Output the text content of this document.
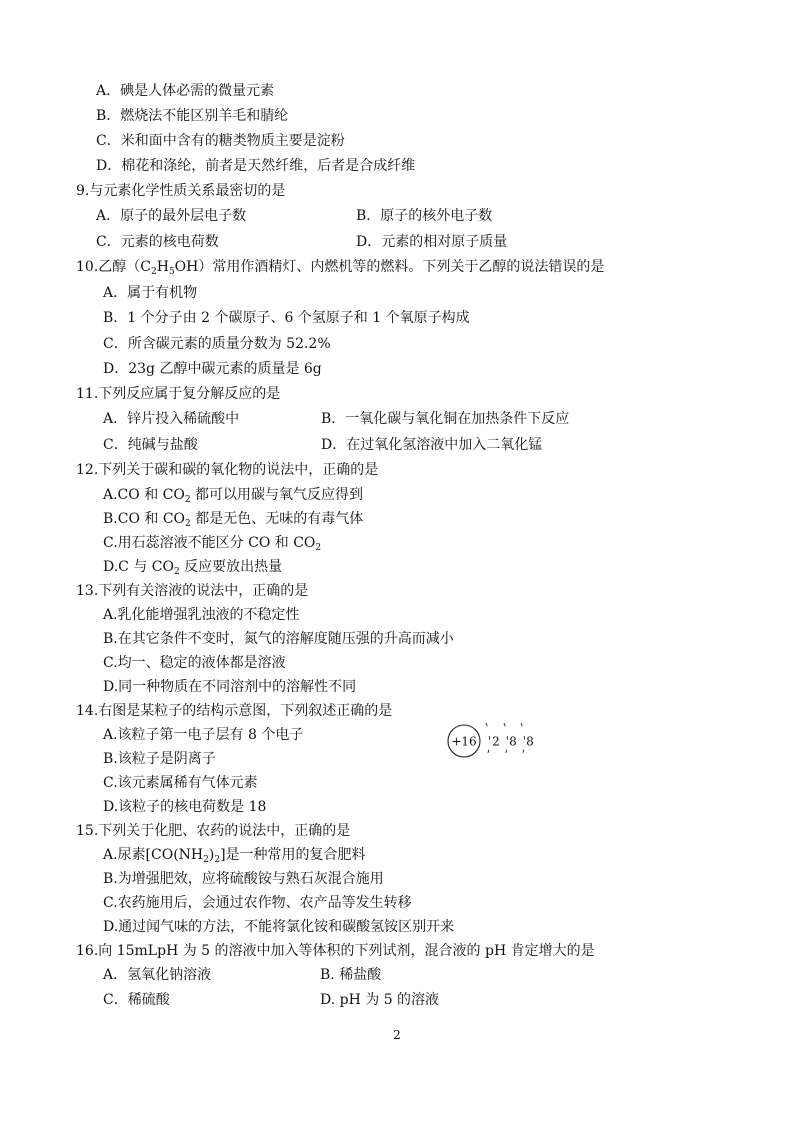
A．碘是人体必需的微量元素
B．燃烧法不能区别羊毛和腈纶
C．米和面中含有的糖类物质主要是淀粉
D．棉花和涤纶，前者是天然纤维，后者是合成纤维
9.与元素化学性质关系最密切的是
A．原子的最外层电子数	B．原子的核外电子数
C．元素的核电荷数	D．元素的相对原子质量
10.乙醇$(C_2H_5OH)$常用作酒精灯、内燃机等的燃料。下列关于乙醇的说法错误的是
A．属于有机物
B．1 个分子由 2 个碳原子、6 个氢原子和 1 个氧原子构成
C．所含碳元素的质量分数为 52.2%
D．23g 乙醇中碳元素的质量是 6g
11.下列反应属于复分解反应的是
A．锌片投入稀硫酸中	B．一氧化碳与氧化铜在加热条件下反应
C．纯碱与盐酸	D．在过氧化氢溶液中加入二氧化锰
12.下列关于碳和碳的氧化物的说法中，正确的是
A.CO 和 $CO_2$ 都可以用碳与氧气反应得到
B.CO 和 $CO_2$ 都是无色、无味的有毒气体
C.用石蕊溶液不能区分 CO 和 $CO_2$
D.C 与 $CO_2$ 反应要放出热量
13.下列有关溶液的说法中，正确的是
A.乳化能增强乳浊液的不稳定性
B.在其它条件不变时，氮气的溶解度随压强的升高而减小
C.均一、稳定的液体都是溶液
D.同一种物质在不同溶剂中的溶解性不同
14.右图是某粒子的结构示意图，下列叙述正确的是
A.该粒子第一电子层有 8 个电子
B.该粒子是阴离子
C.该元素属稀有气体元素
D.该粒子的核电荷数是 18
+16 2 8 8
15.下列关于化肥、农药的说法中，正确的是
A.尿素$[CO(NH_2)_2]$是一种常用的复合肥料
B.为增强肥效，应将硫酸铵与熟石灰混合施用
C.农药施用后，会通过农作物、农产品等发生转移
D.通过闻气味的方法，不能将氯化铵和碳酸氢铵区别开来
16.向 15mLpH 为 5 的溶液中加入等体积的下列试剂，混合液的 pH 肯定增大的是
A．氢氧化钠溶液	B. 稀盐酸
C．稀硫酸	D. pH 为 5 的溶液
2
